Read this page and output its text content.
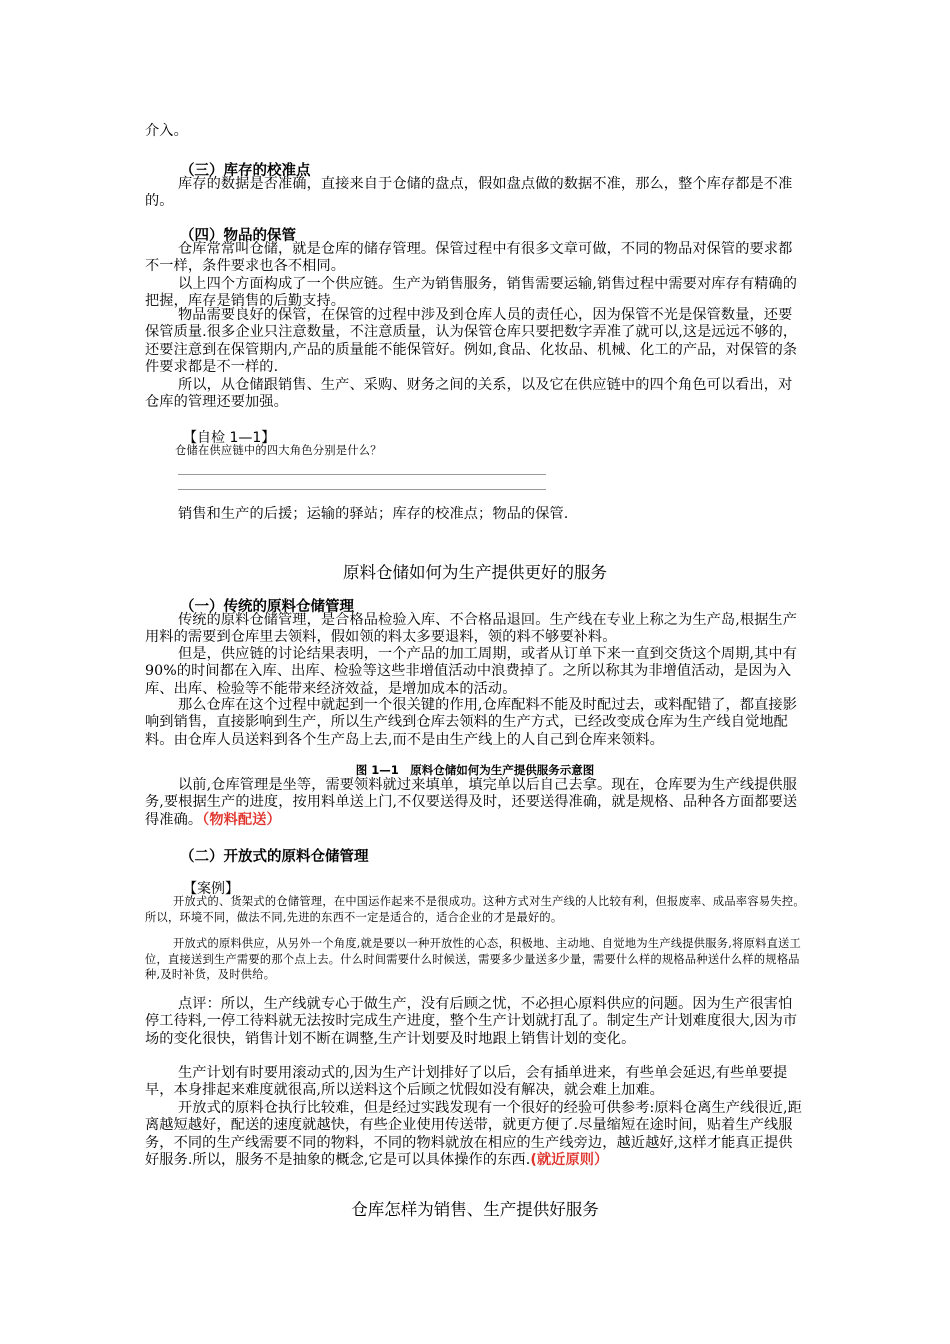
介入。

（三）库存的校准点

库存的数据是否准确，直接来自于仓储的盘点，假如盘点做的数据不准，那么，整个库存都是不准的。

（四）物品的保管

仓库常常叫仓储，就是仓库的储存管理。保管过程中有很多文章可做，不同的物品对保管的要求都不一样，条件要求也各不相同。

以上四个方面构成了一个供应链。生产为销售服务，销售需要运输,销售过程中需要对库存有精确的把握，库存是销售的后勤支持。

物品需要良好的保管，在保管的过程中涉及到仓库人员的责任心，因为保管不光是保管数量，还要保管质量.很多企业只注意数量，不注意质量，认为保管仓库只要把数字弄准了就可以,这是远远不够的，还要注意到在保管期内,产品的质量能不能保管好。例如,食品、化妆品、机械、化工的产品，对保管的条件要求都是不一样的.

所以，从仓储跟销售、生产、采购、财务之间的关系，以及它在供应链中的四个角色可以看出，对仓库的管理还要加强。

【自检 1—1】

仓储在供应链中的四大角色分别是什么？

销售和生产的后援；运输的驿站；库存的校准点；物品的保管.

原料仓储如何为生产提供更好的服务

（一）传统的原料仓储管理

传统的原料仓储管理，是合格品检验入库、不合格品退回。生产线在专业上称之为生产岛,根据生产用料的需要到仓库里去领料，假如领的料太多要退料，领的料不够要补料。

但是，供应链的讨论结果表明，一个产品的加工周期，或者从订单下来一直到交货这个周期,其中有90%的时间都在入库、出库、检验等这些非增值活动中浪费掉了。之所以称其为非增值活动，是因为入库、出库、检验等不能带来经济效益，是增加成本的活动。

那么仓库在这个过程中就起到一个很关键的作用,仓库配料不能及时配过去，或料配错了，都直接影响到销售，直接影响到生产，所以生产线到仓库去领料的生产方式，已经改变成仓库为生产线自觉地配料。由仓库人员送料到各个生产岛上去,而不是由生产线上的人自己到仓库来领料。

图 1—1　原料仓储如何为生产提供服务示意图

以前,仓库管理是坐等，需要领料就过来填单，填完单以后自己去拿。现在，仓库要为生产线提供服务,要根据生产的进度，按用料单送上门,不仅要送得及时，还要送得准确，就是规格、品种各方面都要送得准确。（物料配送）

（二）开放式的原料仓储管理

【案例】

开放式的、货架式的仓储管理，在中国运作起来不是很成功。这种方式对生产线的人比较有利，但报废率、成品率容易失控。所以，环境不同，做法不同,先进的东西不一定是适合的，适合企业的才是最好的。

开放式的原料供应，从另外一个角度,就是要以一种开放性的心态，积极地、主动地、自觉地为生产线提供服务,将原料直送工位，直接送到生产需要的那个点上去。什么时间需要什么时候送，需要多少量送多少量，需要什么样的规格品种送什么样的规格品种,及时补货，及时供给。

点评：所以，生产线就专心于做生产，没有后顾之忧，不必担心原料供应的问题。因为生产很害怕停工待料,一停工待料就无法按时完成生产进度，整个生产计划就打乱了。制定生产计划难度很大,因为市场的变化很快，销售计划不断在调整,生产计划要及时地跟上销售计划的变化。

生产计划有时要用滚动式的,因为生产计划排好了以后，会有插单进来，有些单会延迟,有些单要提早，本身排起来难度就很高,所以送料这个后顾之忧假如没有解决，就会难上加难。

开放式的原料仓执行比较难，但是经过实践发现有一个很好的经验可供参考:原料仓离生产线很近,距离越短越好，配送的速度就越快，有些企业使用传送带，就更方便了.尽量缩短在途时间，贴着生产线服务，不同的生产线需要不同的物料，不同的物料就放在相应的生产线旁边，越近越好,这样才能真正提供好服务.所以，服务不是抽象的概念,它是可以具体操作的东西.(就近原则）

仓库怎样为销售、生产提供好服务
